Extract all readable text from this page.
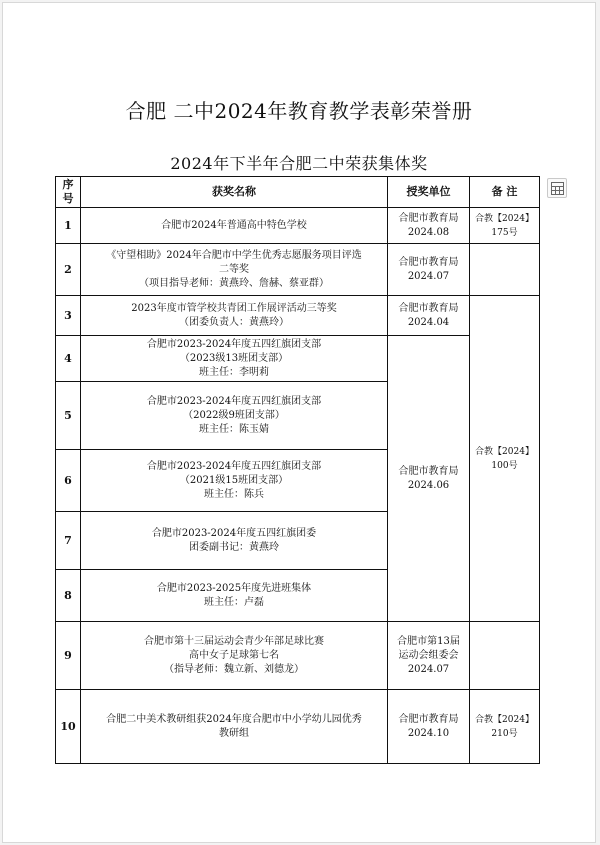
合肥 二中2024年教育教学表彰荣誉册
2024年下半年合肥二中荣获集体奖
序号	获奖名称	授奖单位	备 注
1	合肥市2024年普通高中特色学校	合肥市教育局
2024.08	合教【2024】
175号

2	《守望相助》2024年合肥市中学生优秀志愿服务项目评选
二等奖
（项目指导老师：黄燕玲、詹赫、蔡亚群）	合肥市教育局
2024.07	

3	2023年度市管学校共青团工作展评活动三等奖
（团委负责人：黄燕玲）	合肥市教育局
2024.04	合教【2024】
100号

4	合肥市2023-2024年度五四红旗团支部
（2023级13班团支部）
班主任：李明莉	合肥市教育局
2024.06	

5	合肥市2023-2024年度五四红旗团支部
（2022级9班团支部）
班主任：陈玉婧		

6	合肥市2023-2024年度五四红旗团支部
（2021级15班团支部）
班主任：陈兵		

7	合肥市2023-2024年度五四红旗团委
团委副书记：黄燕玲		

8	合肥市2023-2025年度先进班集体
班主任：卢磊		

9	合肥市第十三届运动会青少年部足球比赛
高中女子足球第七名
（指导老师：魏立新、刘德龙）	合肥市第13届
运动会组委会
2024.07	

10	合肥二中美术教研组获2024年度合肥市中小学幼儿园优秀
教研组	合肥市教育局
2024.10	合教【2024】
210号
